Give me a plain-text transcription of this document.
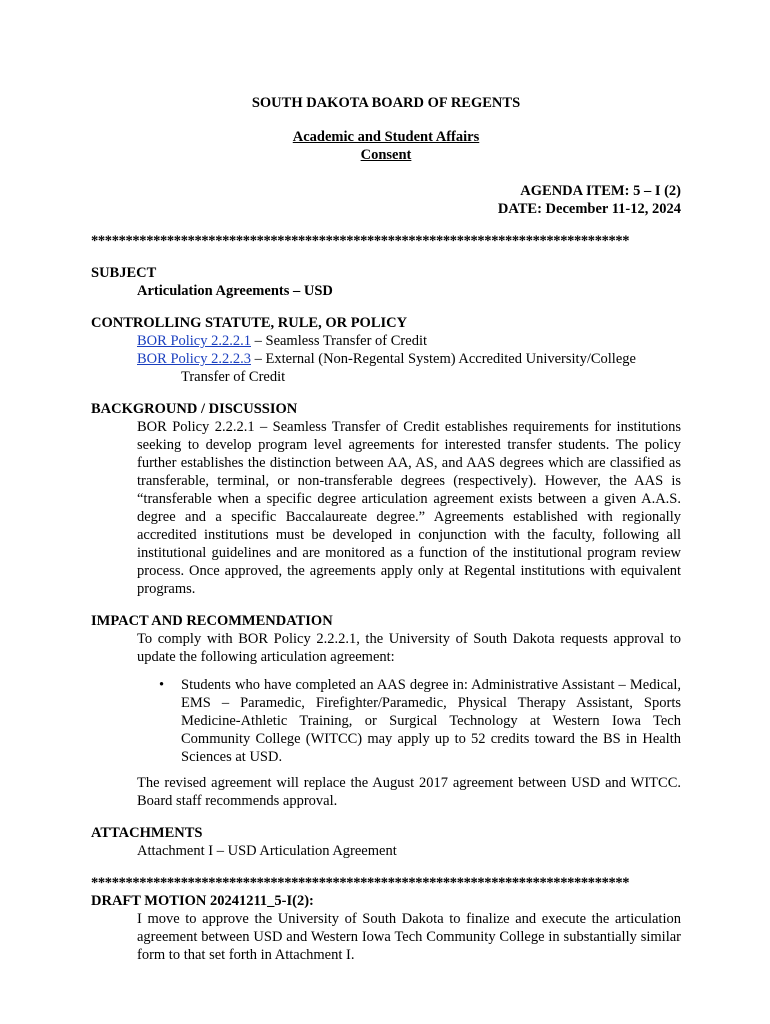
SOUTH DAKOTA BOARD OF REGENTS
Academic and Student Affairs
Consent
AGENDA ITEM: 5 – I (2)
DATE: December 11-12, 2024
******************************************************************************
SUBJECT
Articulation Agreements – USD
CONTROLLING STATUTE, RULE, OR POLICY
BOR Policy 2.2.2.1 – Seamless Transfer of Credit
BOR Policy 2.2.2.3 – External (Non-Regental System) Accredited University/College Transfer of Credit
BACKGROUND / DISCUSSION
BOR Policy 2.2.2.1 – Seamless Transfer of Credit establishes requirements for institutions seeking to develop program level agreements for interested transfer students. The policy further establishes the distinction between AA, AS, and AAS degrees which are classified as transferable, terminal, or non-transferable degrees (respectively). However, the AAS is “transferable when a specific degree articulation agreement exists between a given A.A.S. degree and a specific Baccalaureate degree.” Agreements established with regionally accredited institutions must be developed in conjunction with the faculty, following all institutional guidelines and are monitored as a function of the institutional program review process. Once approved, the agreements apply only at Regental institutions with equivalent programs.
IMPACT AND RECOMMENDATION
To comply with BOR Policy 2.2.2.1, the University of South Dakota requests approval to update the following articulation agreement:
• Students who have completed an AAS degree in: Administrative Assistant – Medical, EMS – Paramedic, Firefighter/Paramedic, Physical Therapy Assistant, Sports Medicine-Athletic Training, or Surgical Technology at Western Iowa Tech Community College (WITCC) may apply up to 52 credits toward the BS in Health Sciences at USD.
The revised agreement will replace the August 2017 agreement between USD and WITCC. Board staff recommends approval.
ATTACHMENTS
Attachment I – USD Articulation Agreement
******************************************************************************
DRAFT MOTION 20241211_5-I(2):
I move to approve the University of South Dakota to finalize and execute the articulation agreement between USD and Western Iowa Tech Community College in substantially similar form to that set forth in Attachment I.
